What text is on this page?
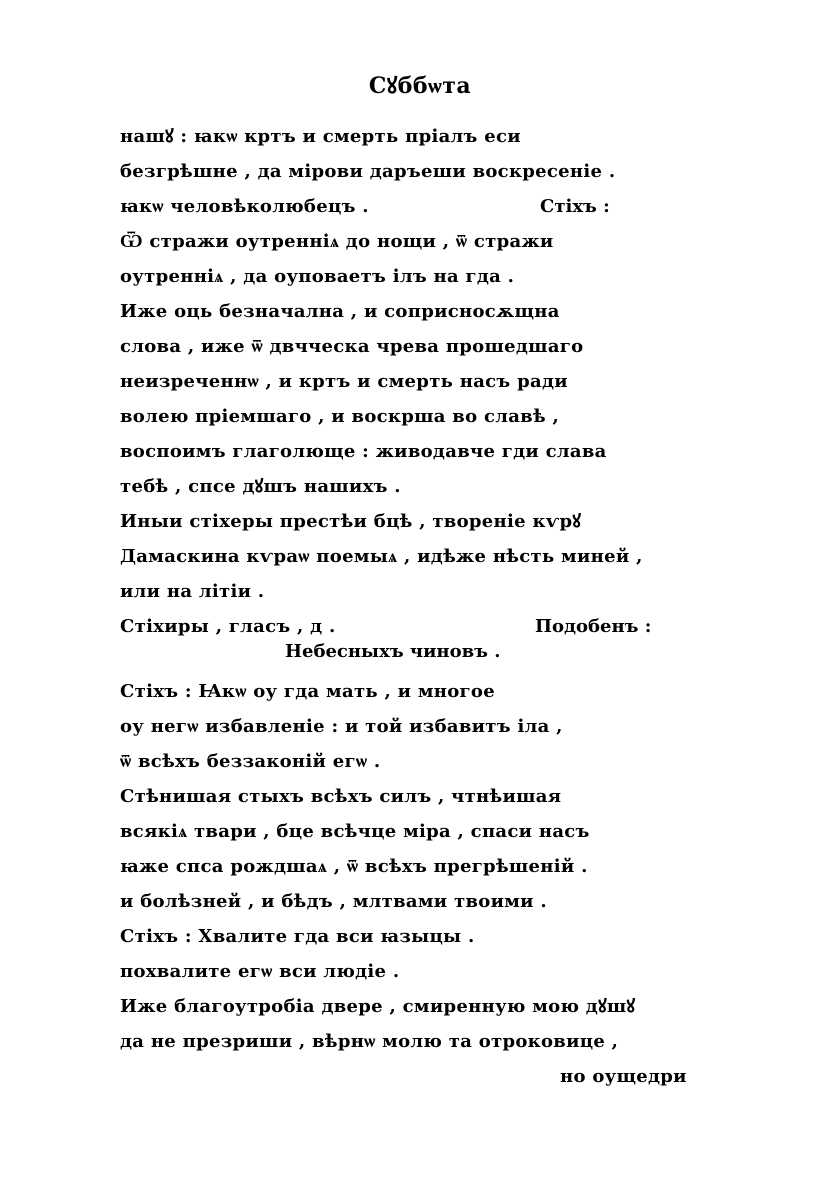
Сꙋббѡта
нашꙋ : ꙗкѡ кртъ и смерть пріалъ еси
безгрѣшне , да мірови даръеши воскресеніе .
ꙗкѡ человѣколюбецъ .	Стіхъ :
Ѿ стражи оутренніѧ до нощи , ѿ стражи
оутренніѧ , да оуповаетъ ілъ на гда .
Иже оць безначална , и соприсносѫщна
слова , иже ѿ двчческа чрева прошедшаго
неизреченнѡ , и кртъ и смерть насъ ради
волею пріемшаго , и воскрша во славѣ ,
воспоимъ глаголюще : живодавче гди слава
тебѣ , спсе дꙋшъ нашихъ .
Иныи стіхеры престѣи бцѣ , твореніе кѵрꙋ
Дамаскина кѵраѡ поемыѧ , идѣже нѣсть миней ,
или на літіи .
Стіхиры , гласъ , д .	Подобенъ :
Небесныхъ чиновъ .
Стіхъ : Ꙗкѡ оу гда мать , и многое
оу негѡ избавленіе : и той избавитъ іла ,
ѿ всѣхъ беззаконій егѡ .
Стѣнишая стыхъ всѣхъ силъ , чтнѣишая
всякіѧ твари , бце всѣчце міра , спаси насъ
ꙗже спса рождшаѧ , ѿ всѣхъ прегрѣшеній .
и болѣзней , и бѣдъ , млтвами твоими .
Стіхъ : Хвалите гда вси ꙗзыцы .
похвалите егѡ вси людіе .
Иже благоутробіа двере , смиренную мою дꙋшꙋ
да не презриши , вѣрнѡ молю та отроковице ,
но оущедри
